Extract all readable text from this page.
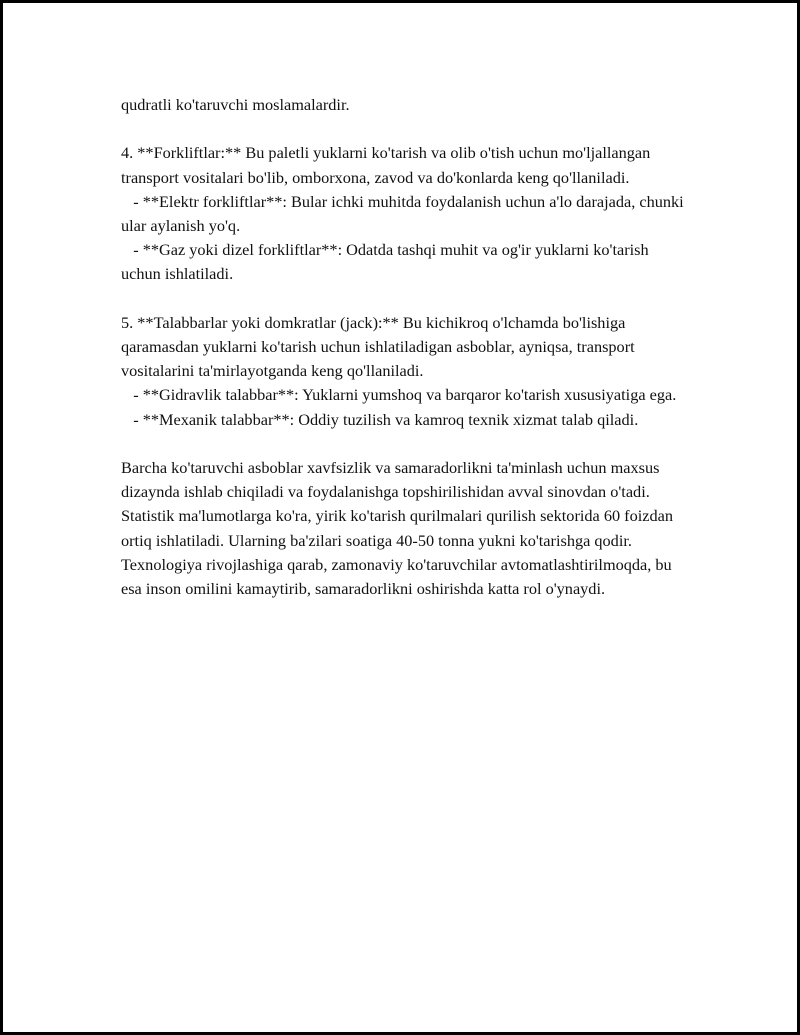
qudratli ko'taruvchi moslamalardir.

4. **Forkliftlar:** Bu paletli yuklarni ko'tarish va olib o'tish uchun mo'ljallangan transport vositalari bo'lib, omborxona, zavod va do'konlarda keng qo'llaniladi.
- **Elektr forkliftlar**: Bular ichki muhitda foydalanish uchun a'lo darajada, chunki ular aylanish yo'q.
- **Gaz yoki dizel forkliftlar**: Odatda tashqi muhit va og'ir yuklarni ko'tarish uchun ishlatiladi.

5. **Talabbarlar yoki domkratlar (jack):** Bu kichikroq o'lchamda bo'lishiga qaramasdan yuklarni ko'tarish uchun ishlatiladigan asboblar, ayniqsa, transport vositalarini ta'mirlayotganda keng qo'llaniladi.
- **Gidravlik talabbar**: Yuklarni yumshoq va barqaror ko'tarish xususiyatiga ega.
- **Mexanik talabbar**: Oddiy tuzilish va kamroq texnik xizmat talab qiladi.

Barcha ko'taruvchi asboblar xavfsizlik va samaradorlikni ta'minlash uchun maxsus dizaynda ishlab chiqiladi va foydalanishga topshirilishidan avval sinovdan o'tadi. Statistik ma'lumotlarga ko'ra, yirik ko'tarish qurilmalari qurilish sektorida 60 foizdan ortiq ishlatiladi. Ularning ba'zilari soatiga 40-50 tonna yukni ko'tarishga qodir. Texnologiya rivojlashiga qarab, zamonaviy ko'taruvchilar avtomatlashtirilmoqda, bu esa inson omilini kamaytirib, samaradorlikni oshirishda katta rol o'ynaydi.
